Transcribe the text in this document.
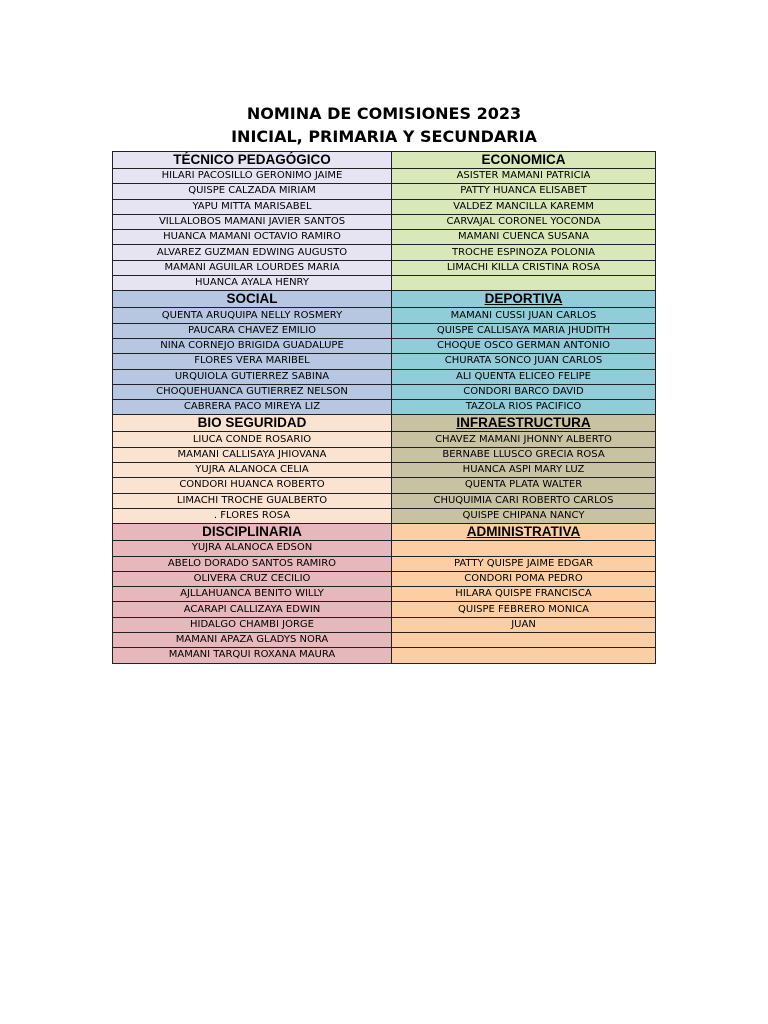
NOMINA DE COMISIONES 2023
INICIAL, PRIMARIA Y SECUNDARIA
TÉCNICO PEDAGÓGICO	ECONOMICA
HILARI PACOSILLO GERONIMO JAIME	ASISTER MAMANI PATRICIA
QUISPE CALZADA MIRIAM	PATTY HUANCA ELISABET
YAPU MITTA MARISABEL	VALDEZ MANCILLA KAREMM
VILLALOBOS MAMANI JAVIER SANTOS	CARVAJAL CORONEL YOCONDA
HUANCA MAMANI OCTAVIO RAMIRO	MAMANI CUENCA SUSANA
ALVAREZ GUZMAN EDWING AUGUSTO	TROCHE ESPINOZA POLONIA
MAMANI AGUILAR LOURDES MARIA	LIMACHI KILLA CRISTINA ROSA
HUANCA AYALA HENRY	
SOCIAL	DEPORTIVA
QUENTA ARUQUIPA NELLY ROSMERY	MAMANI CUSSI JUAN CARLOS
PAUCARA CHAVEZ EMILIO	QUISPE CALLISAYA MARIA JHUDITH
NINA CORNEJO BRIGIDA GUADALUPE	CHOQUE OSCO GERMAN ANTONIO
FLORES VERA MARIBEL	CHURATA SONCO JUAN CARLOS
URQUIOLA GUTIERREZ SABINA	ALI QUENTA ELICEO FELIPE
CHOQUEHUANCA GUTIERREZ NELSON	CONDORI BARCO DAVID
CABRERA PACO MIREYA LIZ	TAZOLA RIOS PACIFICO
BIO SEGURIDAD	INFRAESTRUCTURA
LIUCA CONDE ROSARIO	CHAVEZ MAMANI JHONNY ALBERTO
MAMANI CALLISAYA JHIOVANA	BERNABE LLUSCO GRECIA ROSA
YUJRA ALANOCA CELIA	HUANCA ASPI MARY LUZ
CONDORI HUANCA ROBERTO	QUENTA PLATA WALTER
LIMACHI TROCHE GUALBERTO	CHUQUIMIA CARI ROBERTO CARLOS
. FLORES ROSA	QUISPE CHIPANA NANCY
DISCIPLINARIA	ADMINISTRATIVA
YUJRA ALANOCA EDSON	
ABELO DORADO SANTOS RAMIRO	PATTY QUISPE JAIME EDGAR
OLIVERA CRUZ CECILIO	CONDORI POMA PEDRO
AJLLAHUANCA BENITO WILLY	HILARA QUISPE FRANCISCA
ACARAPI CALLIZAYA EDWIN	QUISPE FEBRERO MONICA
HIDALGO CHAMBI JORGE	JUAN
MAMANI APAZA GLADYS NORA	
MAMANI TARQUI ROXANA MAURA	
